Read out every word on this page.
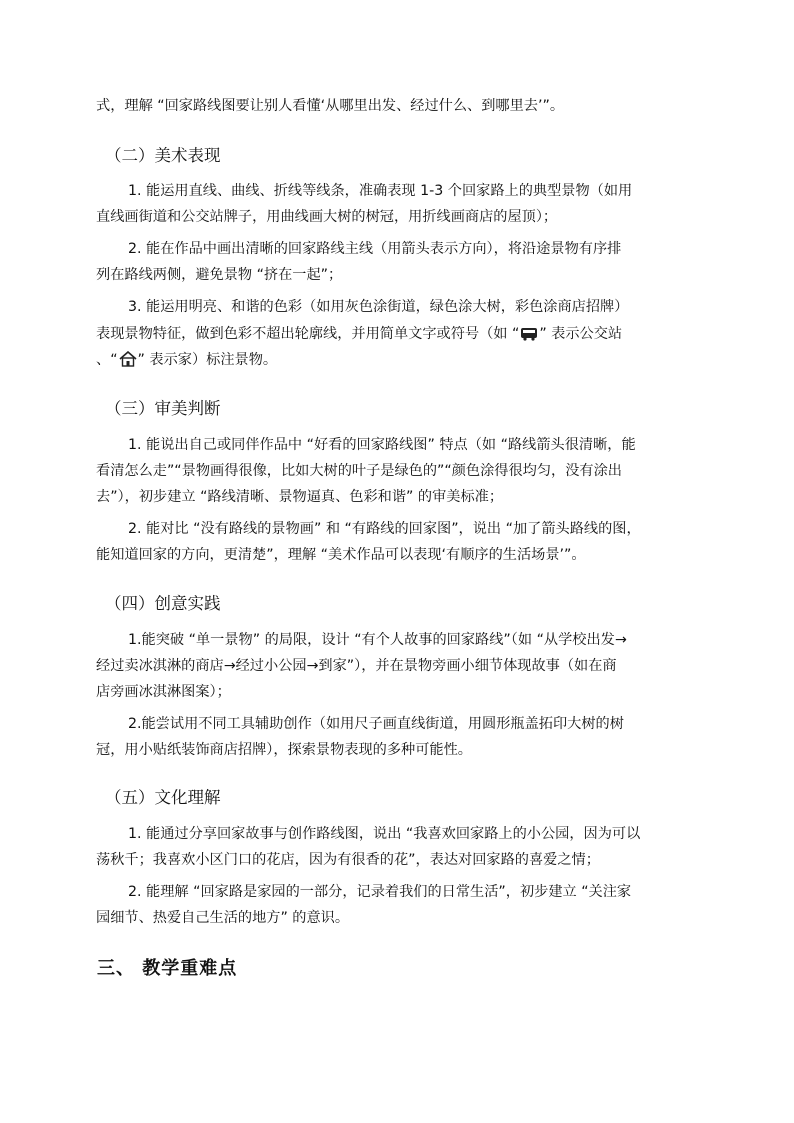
式，理解 “回家路线图要让别人看懂‘从哪里出发、经过什么、到哪里去’”。

（二）美术表现

1. 能运用直线、曲线、折线等线条，准确表现 1-3 个回家路上的典型景物（如用

直线画街道和公交站牌子，用曲线画大树的树冠，用折线画商店的屋顶）；

2. 能在作品中画出清晰的回家路线主线（用箭头表示方向），将沿途景物有序排

列在路线两侧，避免景物 “挤在一起”；

3. 能运用明亮、和谐的色彩（如用灰色涂街道，绿色涂大树，彩色涂商店招牌）

表现景物特征，做到色彩不超出轮廓线，并用简单文字或符号（如 “ ” 表示公交站

、“ ” 表示家）标注景物。

（三）审美判断

1. 能说出自己或同伴作品中 “好看的回家路线图” 特点（如 “路线箭头很清晰，能

看清怎么走”“景物画得很像，比如大树的叶子是绿色的”“颜色涂得很均匀，没有涂出

去”），初步建立 “路线清晰、景物逼真、色彩和谐” 的审美标准；

2. 能对比 “没有路线的景物画” 和 “有路线的回家图”，说出 “加了箭头路线的图，

能知道回家的方向，更清楚”，理解 “美术作品可以表现‘有顺序的生活场景’”。

（四）创意实践

1.能突破 “单一景物” 的局限，设计 “有个人故事的回家路线”（如 “从学校出发→

经过卖冰淇淋的商店→经过小公园→到家”），并在景物旁画小细节体现故事（如在商

店旁画冰淇淋图案）；

2.能尝试用不同工具辅助创作（如用尺子画直线街道，用圆形瓶盖拓印大树的树

冠，用小贴纸装饰商店招牌），探索景物表现的多种可能性。

（五）文化理解

1. 能通过分享回家故事与创作路线图，说出 “我喜欢回家路上的小公园，因为可以

荡秋千；我喜欢小区门口的花店，因为有很香的花”，表达对回家路的喜爱之情；

2. 能理解 “回家路是家园的一部分，记录着我们的日常生活”，初步建立 “关注家

园细节、热爱自己生活的地方” 的意识。

三、 教学重难点
